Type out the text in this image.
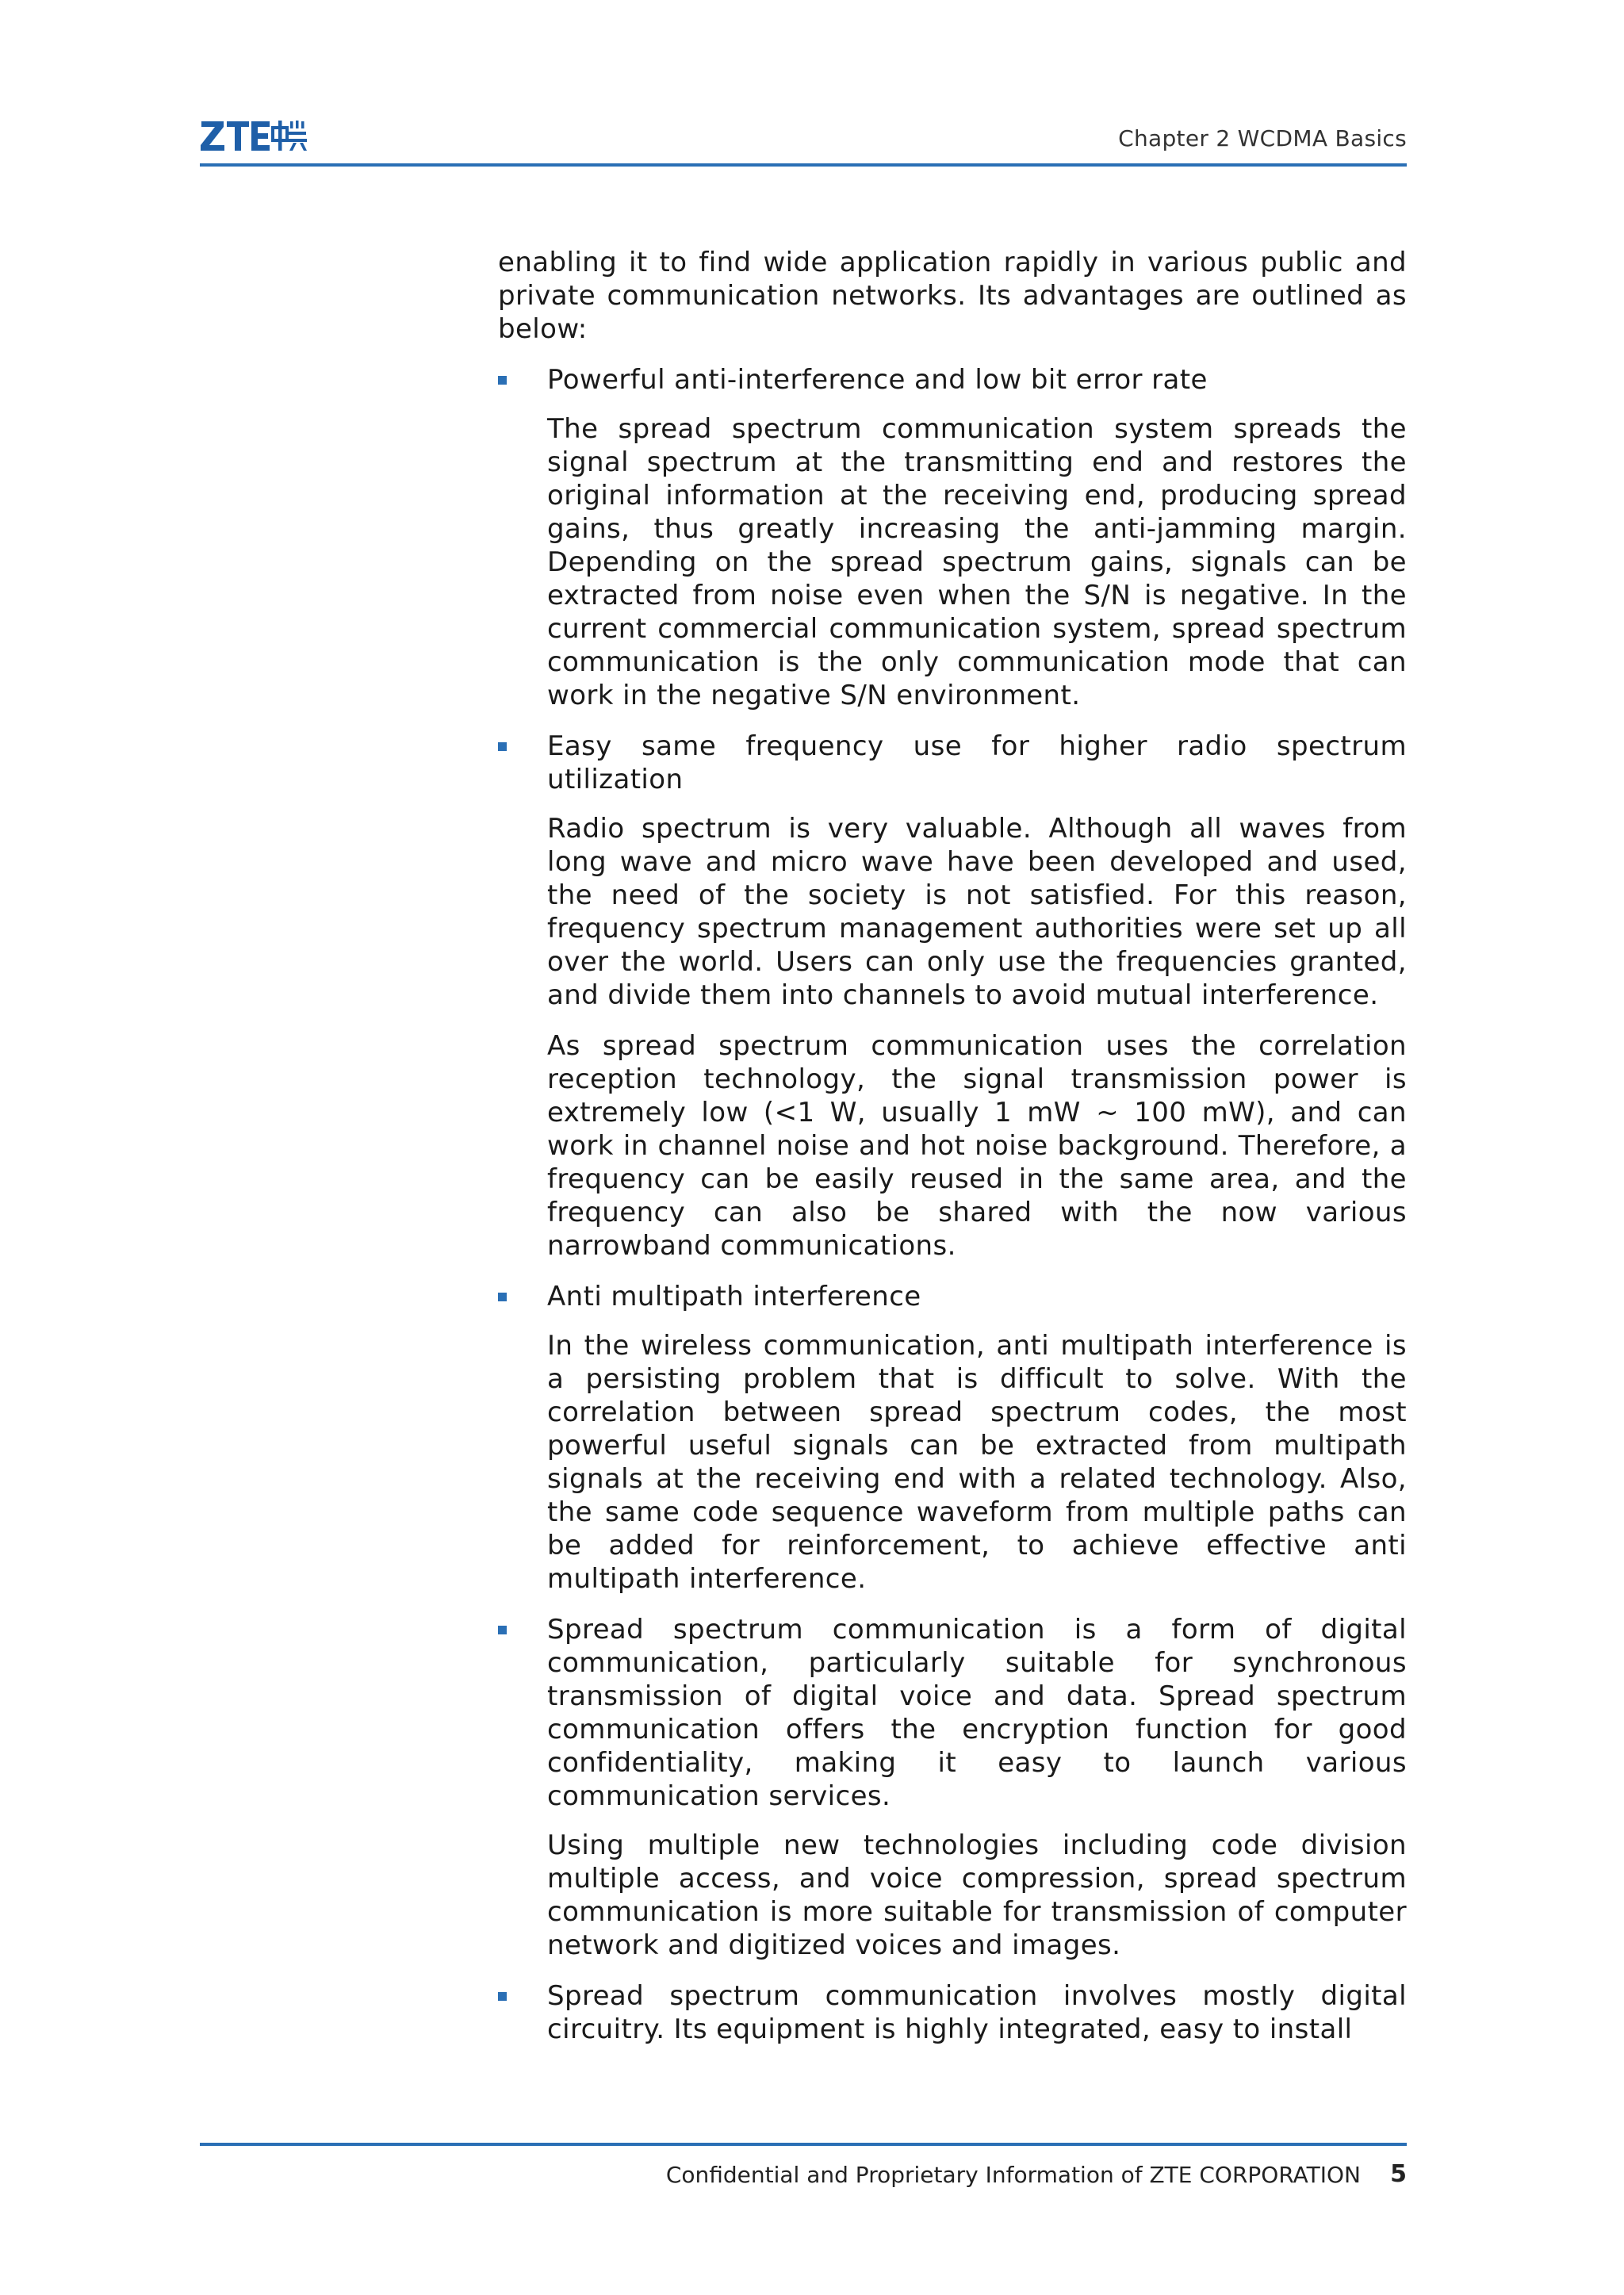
Chapter 2 WCDMA Basics

enabling it to find wide application rapidly in various public and private communication networks. Its advantages are outlined as below:

Powerful anti-interference and low bit error rate

The spread spectrum communication system spreads the signal spectrum at the transmitting end and restores the original information at the receiving end, producing spread gains, thus greatly increasing the anti-jamming margin. Depending on the spread spectrum gains, signals can be extracted from noise even when the S/N is negative. In the current commercial communication system, spread spectrum communication is the only communication mode that can work in the negative S/N environment.

Easy same frequency use for higher radio spectrum utilization

Radio spectrum is very valuable. Although all waves from long wave and micro wave have been developed and used, the need of the society is not satisfied. For this reason, frequency spectrum management authorities were set up all over the world. Users can only use the frequencies granted, and divide them into channels to avoid mutual interference.

As spread spectrum communication uses the correlation reception technology, the signal transmission power is extremely low (<1 W, usually 1 mW ~ 100 mW), and can work in channel noise and hot noise background. Therefore, a frequency can be easily reused in the same area, and the frequency can also be shared with the now various narrowband communications.

Anti multipath interference

In the wireless communication, anti multipath interference is a persisting problem that is difficult to solve. With the correlation between spread spectrum codes, the most powerful useful signals can be extracted from multipath signals at the receiving end with a related technology. Also, the same code sequence waveform from multiple paths can be added for reinforcement, to achieve effective anti multipath interference.

Spread spectrum communication is a form of digital communication, particularly suitable for synchronous transmission of digital voice and data. Spread spectrum communication offers the encryption function for good confidentiality, making it easy to launch various communication services.

Using multiple new technologies including code division multiple access, and voice compression, spread spectrum communication is more suitable for transmission of computer network and digitized voices and images.

Spread spectrum communication involves mostly digital circuitry. Its equipment is highly integrated, easy to install

Confidential and Proprietary Information of ZTE CORPORATION 5
